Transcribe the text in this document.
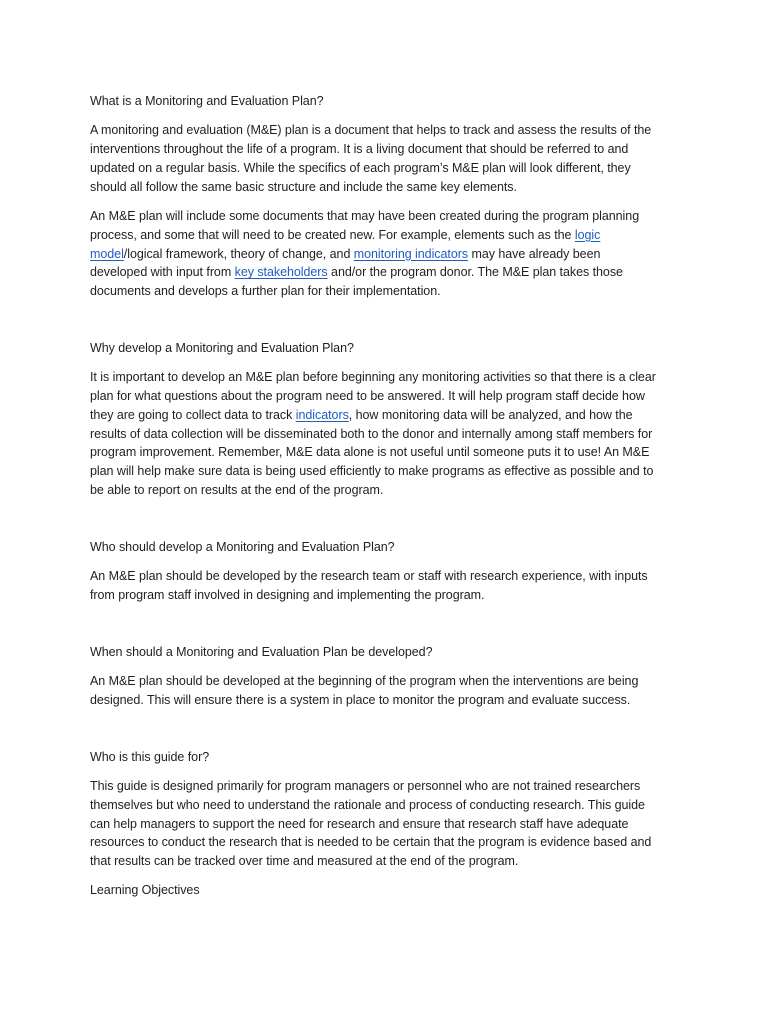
What is a Monitoring and Evaluation Plan?
A monitoring and evaluation (M&E) plan is a document that helps to track and assess the results of the
interventions throughout the life of a program. It is a living document that should be referred to and
updated on a regular basis. While the specifics of each program’s M&E plan will look different, they
should all follow the same basic structure and include the same key elements.
An M&E plan will include some documents that may have been created during the program planning
process, and some that will need to be created new. For example, elements such as the logic
model/logical framework, theory of change, and monitoring indicators may have already been
developed with input from key stakeholders and/or the program donor. The M&E plan takes those
documents and develops a further plan for their implementation.
Why develop a Monitoring and Evaluation Plan?
It is important to develop an M&E plan before beginning any monitoring activities so that there is a clear
plan for what questions about the program need to be answered. It will help program staff decide how
they are going to collect data to track indicators, how monitoring data will be analyzed, and how the
results of data collection will be disseminated both to the donor and internally among staff members for
program improvement. Remember, M&E data alone is not useful until someone puts it to use! An M&E
plan will help make sure data is being used efficiently to make programs as effective as possible and to
be able to report on results at the end of the program.
Who should develop a Monitoring and Evaluation Plan?
An M&E plan should be developed by the research team or staff with research experience, with inputs
from program staff involved in designing and implementing the program.
When should a Monitoring and Evaluation Plan be developed?
An M&E plan should be developed at the beginning of the program when the interventions are being
designed. This will ensure there is a system in place to monitor the program and evaluate success.
Who is this guide for?
This guide is designed primarily for program managers or personnel who are not trained researchers
themselves but who need to understand the rationale and process of conducting research. This guide
can help managers to support the need for research and ensure that research staff have adequate
resources to conduct the research that is needed to be certain that the program is evidence based and
that results can be tracked over time and measured at the end of the program.
Learning Objectives
